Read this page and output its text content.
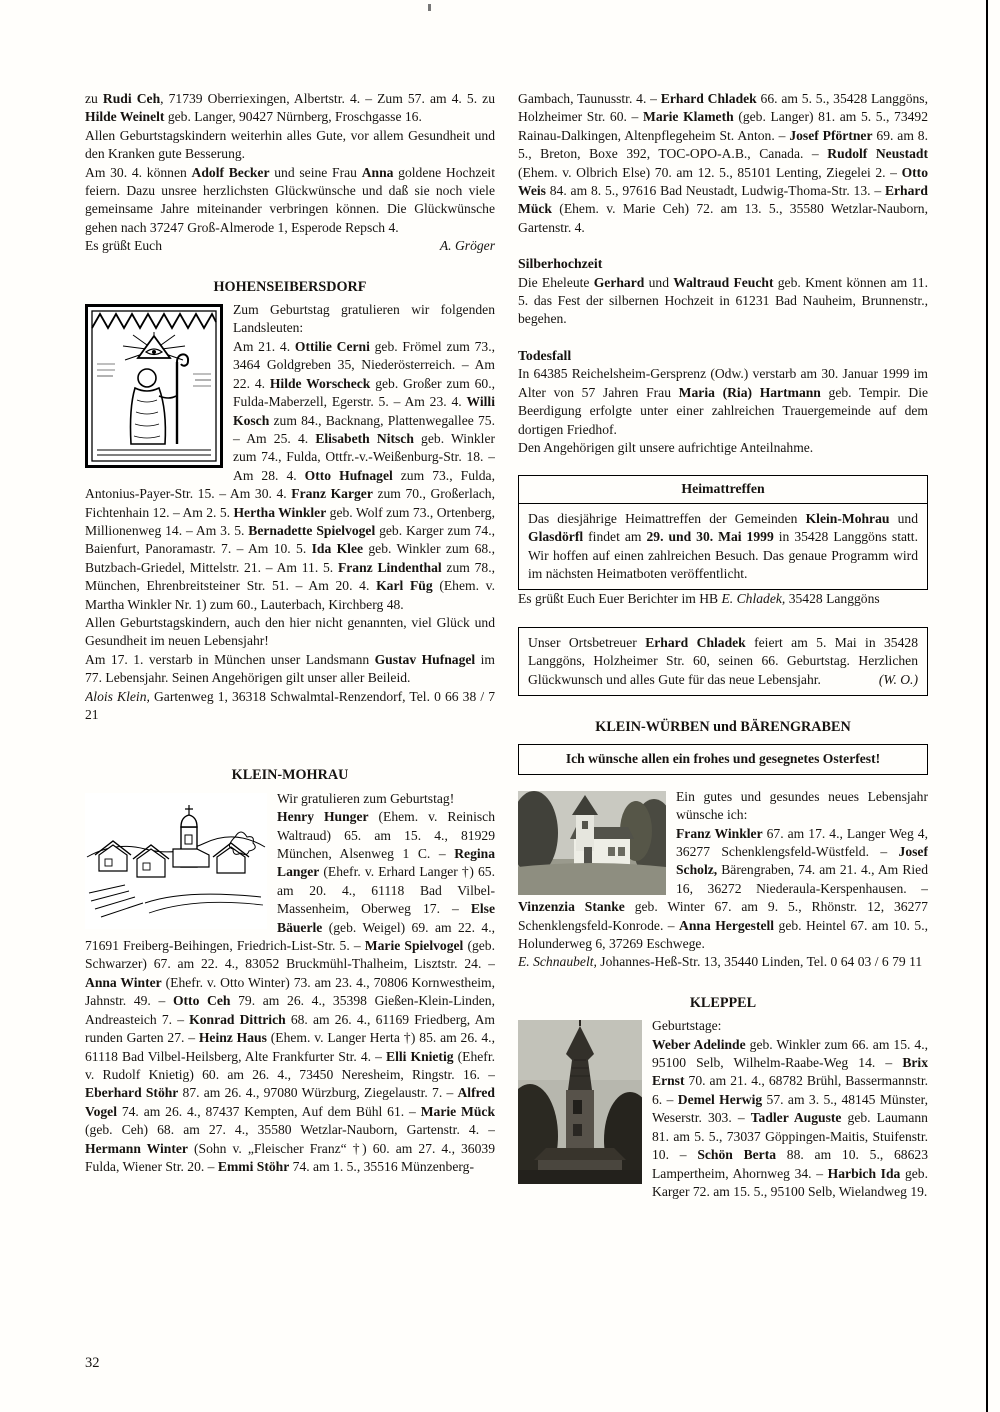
zu Rudi Ceh, 71739 Oberriexingen, Albertstr. 4. – Zum 57. am 4. 5. zu Hilde Weinelt geb. Langer, 90427 Nürnberg, Froschgasse 16.

Allen Geburtstagskindern weiterhin alles Gute, vor allem Gesundheit und den Kranken gute Besserung.

Am 30. 4. können Adolf Becker und seine Frau Anna goldene Hochzeit feiern. Dazu unsree herzlichsten Glückwünsche und daß sie noch viele gemeinsame Jahre miteinander verbringen können. Die Glückwünsche gehen nach 37247 Groß-Almerode 1, Esperode Repsch 4.

Es grüßt Euch	A. Gröger

HOHENSEIBERSDORF

Zum Geburtstag gratulieren wir folgenden Landsleuten:

Am 21. 4. Ottilie Cerni geb. Frömel zum 73., 3464 Goldgreben 35, Niederösterreich. – Am 22. 4. Hilde Worscheck geb. Großer zum 60., Fulda-Maberzell, Egerstr. 5. – Am 23. 4. Willi Kosch zum 84., Backnang, Plattenwegallee 75. – Am 25. 4. Elisabeth Nitsch geb. Winkler zum 74., Fulda, Ottfr.-v.-Weißenburg-Str. 18. – Am 28. 4. Otto Hufnagel zum 73., Fulda, Antonius-Payer-Str. 15. – Am 30. 4. Franz Karger zum 70., Großerlach, Fichtenhain 12. – Am 2. 5. Hertha Winkler geb. Wolf zum 73., Ortenberg, Millionenweg 14. – Am 3. 5. Bernadette Spielvogel geb. Karger zum 74., Baienfurt, Panoramastr. 7. – Am 10. 5. Ida Klee geb. Winkler zum 68., Butzbach-Griedel, Mittelstr. 21. – Am 11. 5. Franz Lindenthal zum 78., München, Ehrenbreitsteiner Str. 51. – Am 20. 4. Karl Füg (Ehem. v. Martha Winkler Nr. 1) zum 60., Lauterbach, Kirchberg 48.

Allen Geburtstagskindern, auch den hier nicht genannten, viel Glück und Gesundheit im neuen Lebensjahr!

Am 17. 1. verstarb in München unser Landsmann Gustav Hufnagel im 77. Lebensjahr. Seinen Angehörigen gilt unser aller Beileid.

Alois Klein, Gartenweg 1, 36318 Schwalmtal-Renzendorf, Tel. 0 66 38 / 7 21

KLEIN-MOHRAU

Wir gratulieren zum Geburtstag!

Henry Hunger (Ehem. v. Reinisch Waltraud) 65. am 15. 4., 81929 München, Alsenweg 1 C. – Regina Langer (Ehefr. v. Erhard Langer †) 65. am 20. 4., 61118 Bad Vilbel-Massenheim, Oberweg 17. – Else Bäuerle (geb. Weigel) 69. am 22. 4., 71691 Freiberg-Beihingen, Friedrich-List-Str. 5. – Marie Spielvogel (geb. Schwarzer) 67. am 22. 4., 83052 Bruckmühl-Thalheim, Lisztstr. 24. – Anna Winter (Ehefr. v. Otto Winter) 73. am 23. 4., 70806 Kornwestheim, Jahnstr. 49. – Otto Ceh 79. am 26. 4., 35398 Gießen-Klein-Linden, Andreasteich 7. – Konrad Dittrich 68. am 26. 4., 61169 Friedberg, Am runden Garten 27. – Heinz Haus (Ehem. v. Langer Herta †) 85. am 26. 4., 61118 Bad Vilbel-Heilsberg, Alte Frankfurter Str. 4. – Elli Knietig (Ehefr. v. Rudolf Knietig) 60. am 26. 4., 73450 Neresheim, Ringstr. 16. – Eberhard Stöhr 87. am 26. 4., 97080 Würzburg, Ziegelaustr. 7. – Alfred Vogel 74. am 26. 4., 87437 Kempten, Auf dem Bühl 61. – Marie Mück (geb. Ceh) 68. am 27. 4., 35580 Wetzlar-Nauborn, Gartenstr. 4. – Hermann Winter (Sohn v. „Fleischer Franz“ †) 60. am 27. 4., 36039 Fulda, Wiener Str. 20. – Emmi Stöhr 74. am 1. 5., 35516 Münzenberg-

Gambach, Taunusstr. 4. – Erhard Chladek 66. am 5. 5., 35428 Langgöns, Holzheimer Str. 60. – Marie Klameth (geb. Langer) 81. am 5. 5., 73492 Rainau-Dalkingen, Altenpflegeheim St. Anton. – Josef Pförtner 69. am 8. 5., Breton, Boxe 392, TOC-OPO-A.B., Canada. – Rudolf Neustadt (Ehem. v. Olbrich Else) 70. am 12. 5., 85101 Lenting, Ziegelei 2. – Otto Weis 84. am 8. 5., 97616 Bad Neustadt, Ludwig-Thoma-Str. 13. – Erhard Mück (Ehem. v. Marie Ceh) 72. am 13. 5., 35580 Wetzlar-Nauborn, Gartenstr. 4.

Silberhochzeit

Die Eheleute Gerhard und Waltraud Feucht geb. Kment können am 11. 5. das Fest der silbernen Hochzeit in 61231 Bad Nauheim, Brunnenstr., begehen.

Todesfall

In 64385 Reichelsheim-Gersprenz (Odw.) verstarb am 30. Januar 1999 im Alter von 57 Jahren Frau Maria (Ria) Hartmann geb. Tempir. Die Beerdigung erfolgte unter einer zahlreichen Trauergemeinde auf dem dortigen Friedhof.

Den Angehörigen gilt unsere aufrichtige Anteilnahme.

Heimattreffen

Das diesjährige Heimattreffen der Gemeinden Klein-Mohrau und Glasdörfl findet am 29. und 30. Mai 1999 in 35428 Langgöns statt. Wir hoffen auf einen zahlreichen Besuch. Das genaue Programm wird im nächsten Heimatboten veröffentlicht.

Es grüßt Euch Euer Berichter im HB E. Chladek, 35428 Langgöns

Unser Ortsbetreuer Erhard Chladek feiert am 5. Mai in 35428 Langgöns, Holzheimer Str. 60, seinen 66. Geburtstag. Herzlichen Glückwunsch und alles Gute für das neue Lebensjahr.	(W. O.)
KLEIN-WÜRBEN und BÄRENGRABEN
Ich wünsche allen ein frohes und gesegnetes Osterfest!

Ein gutes und gesundes neues Lebensjahr wünsche ich:

Franz Winkler 67. am 17. 4., Langer Weg 4, 36277 Schenklengsfeld-Wüstfeld. – Josef Scholz, Bärengraben, 74. am 21. 4., Am Ried 16, 36272 Niederaula-Kerspenhausen. – Vinzenzia Stanke geb. Winter 67. am 9. 5., Rhönstr. 12, 36277 Schenklengsfeld-Konrode. – Anna Hergestell geb. Heintel 67. am 10. 5., Holunderweg 6, 37269 Eschwege.

E. Schnaubelt, Johannes-Heß-Str. 13, 35440 Linden, Tel. 0 64 03 / 6 79 11

KLEPPEL

Geburtstage:

Weber Adelinde geb. Winkler zum 66. am 15. 4., 95100 Selb, Wilhelm-Raabe-Weg 14. – Brix Ernst 70. am 21. 4., 68782 Brühl, Bassermannstr. 6. – Demel Herwig 57. am 3. 5., 48145 Münster, Weserstr. 303. – Tadler Auguste geb. Laumann 81. am 5. 5., 73037 Göppingen-Maitis, Stuifenstr. 10. – Schön Berta 88. am 10. 5., 68623 Lampertheim, Ahornweg 34. – Harbich Ida geb. Karger 72. am 15. 5., 95100 Selb, Wielandweg 19.

32
